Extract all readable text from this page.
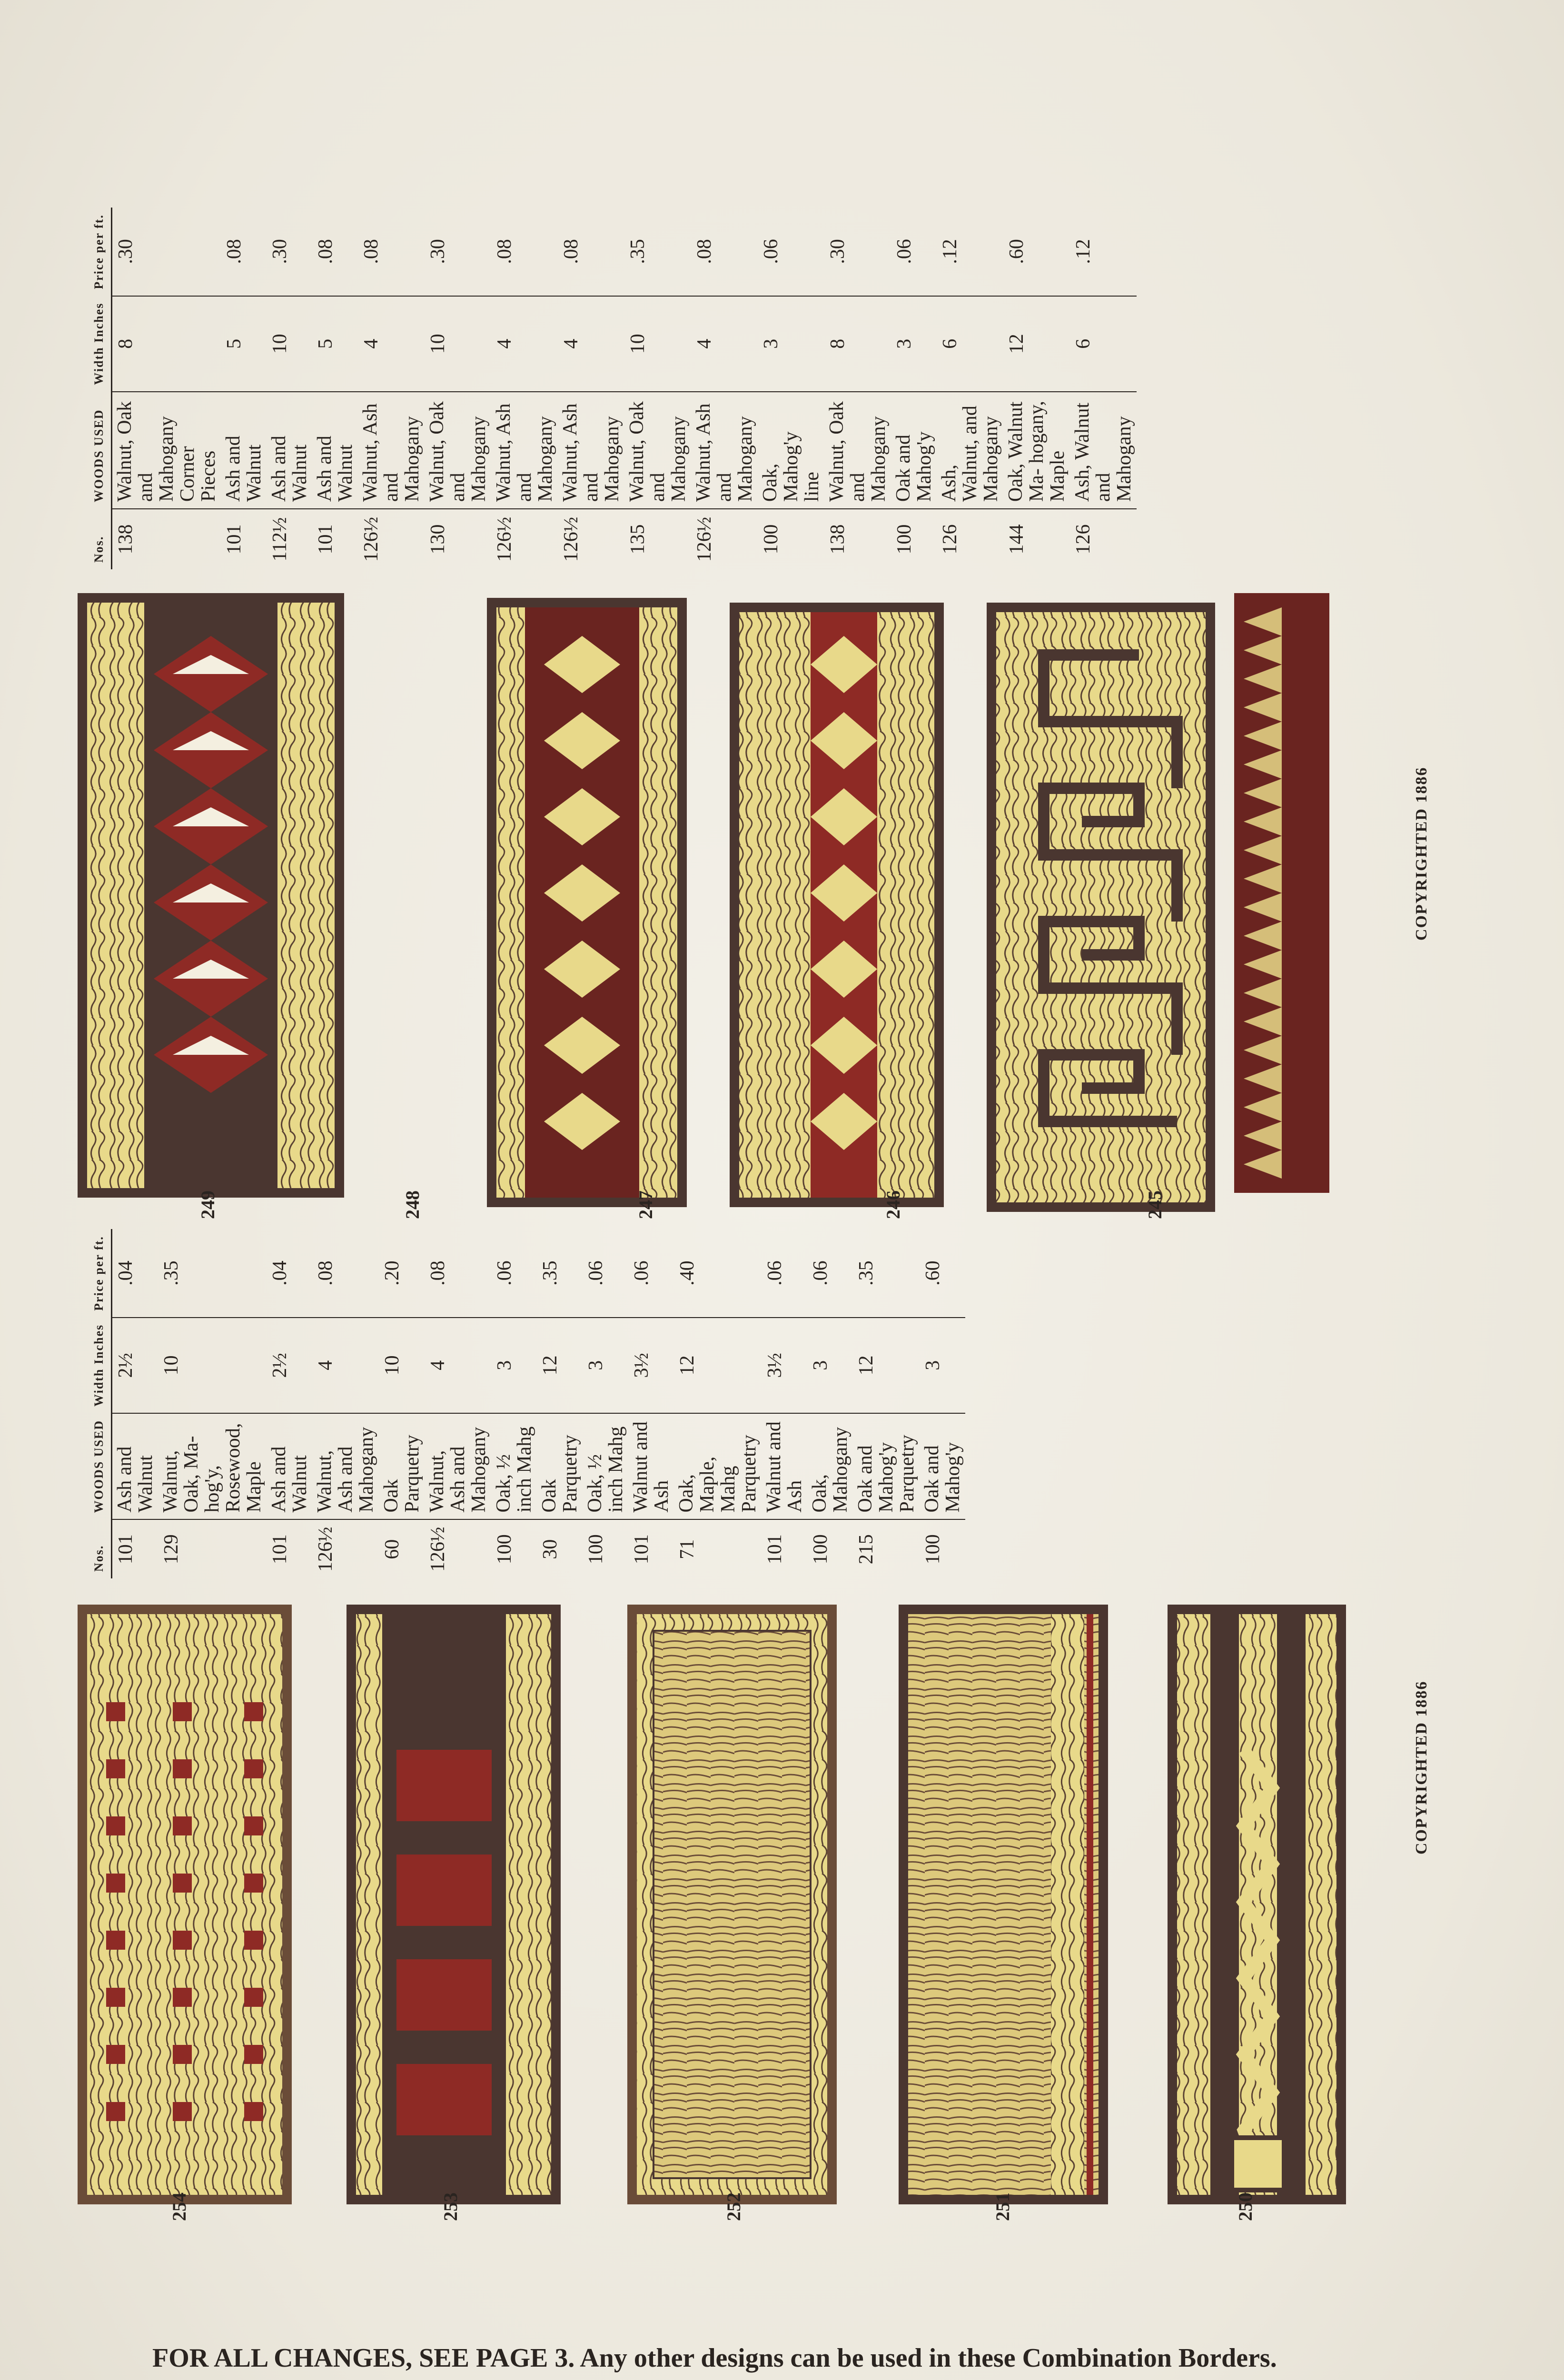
COPYRIGHTED 1886
250
251
252
253
254
Nos.	WOODS USED	Width Inches	Price per ft.
101	Ash and Walnut	2½	.04
129	Walnut, Oak, Ma- hog'y, Rosewood, Maple	10	.35
101	Ash and Walnut	2½	.04
126½	Walnut, Ash and Mahogany	4	.08
60	Oak Parquetry	10	.20
126½	Walnut, Ash and Mahogany	4	.08
100	Oak, ½ inch Mahg	3	.06
30	Oak Parquetry	12	.35
100	Oak, ½ inch Mahg	3	.06
101	Walnut and Ash	3½	.06
71	Oak, Maple, Mahg Parquetry	12	.40
101	Walnut and Ash	3½	.06
100	Oak, Mahogany	3	.06
215	Oak and Mahog'y Parquetry	12	.35
100	Oak and Mahog'y	3	.60
COPYRIGHTED 1886
245
246
247
248
249
Nos.	WOODS USED	Width Inches	Price per ft.
138	Walnut, Oak and Mahogany Corner Pieces	8	.30
101	Ash and Walnut	5	.08
112½	Ash and Walnut	10	.30
101	Ash and Walnut	5	.08
126½	Walnut, Ash and Mahogany	4	.08
130	Walnut, Oak and Mahogany	10	.30
126½	Walnut, Ash and Mahogany	4	.08
126½	Walnut, Ash and Mahogany	4	.08
135	Walnut, Oak and Mahogany	10	.35
126½	Walnut, Ash and Mahogany	4	.08
100	Oak, Mahog'y line	3	.06
138	Walnut, Oak and Mahogany	8	.30
100	Oak and Mahog'y	3	.06
126	Ash, Walnut, and Mahogany	6	.12
144	Oak, Walnut Ma- hogany, Maple	12	.60
126	Ash, Walnut and Mahogany	6	.12
FOR ALL CHANGES, SEE PAGE 3. Any other designs can be used in these Combination Borders.
